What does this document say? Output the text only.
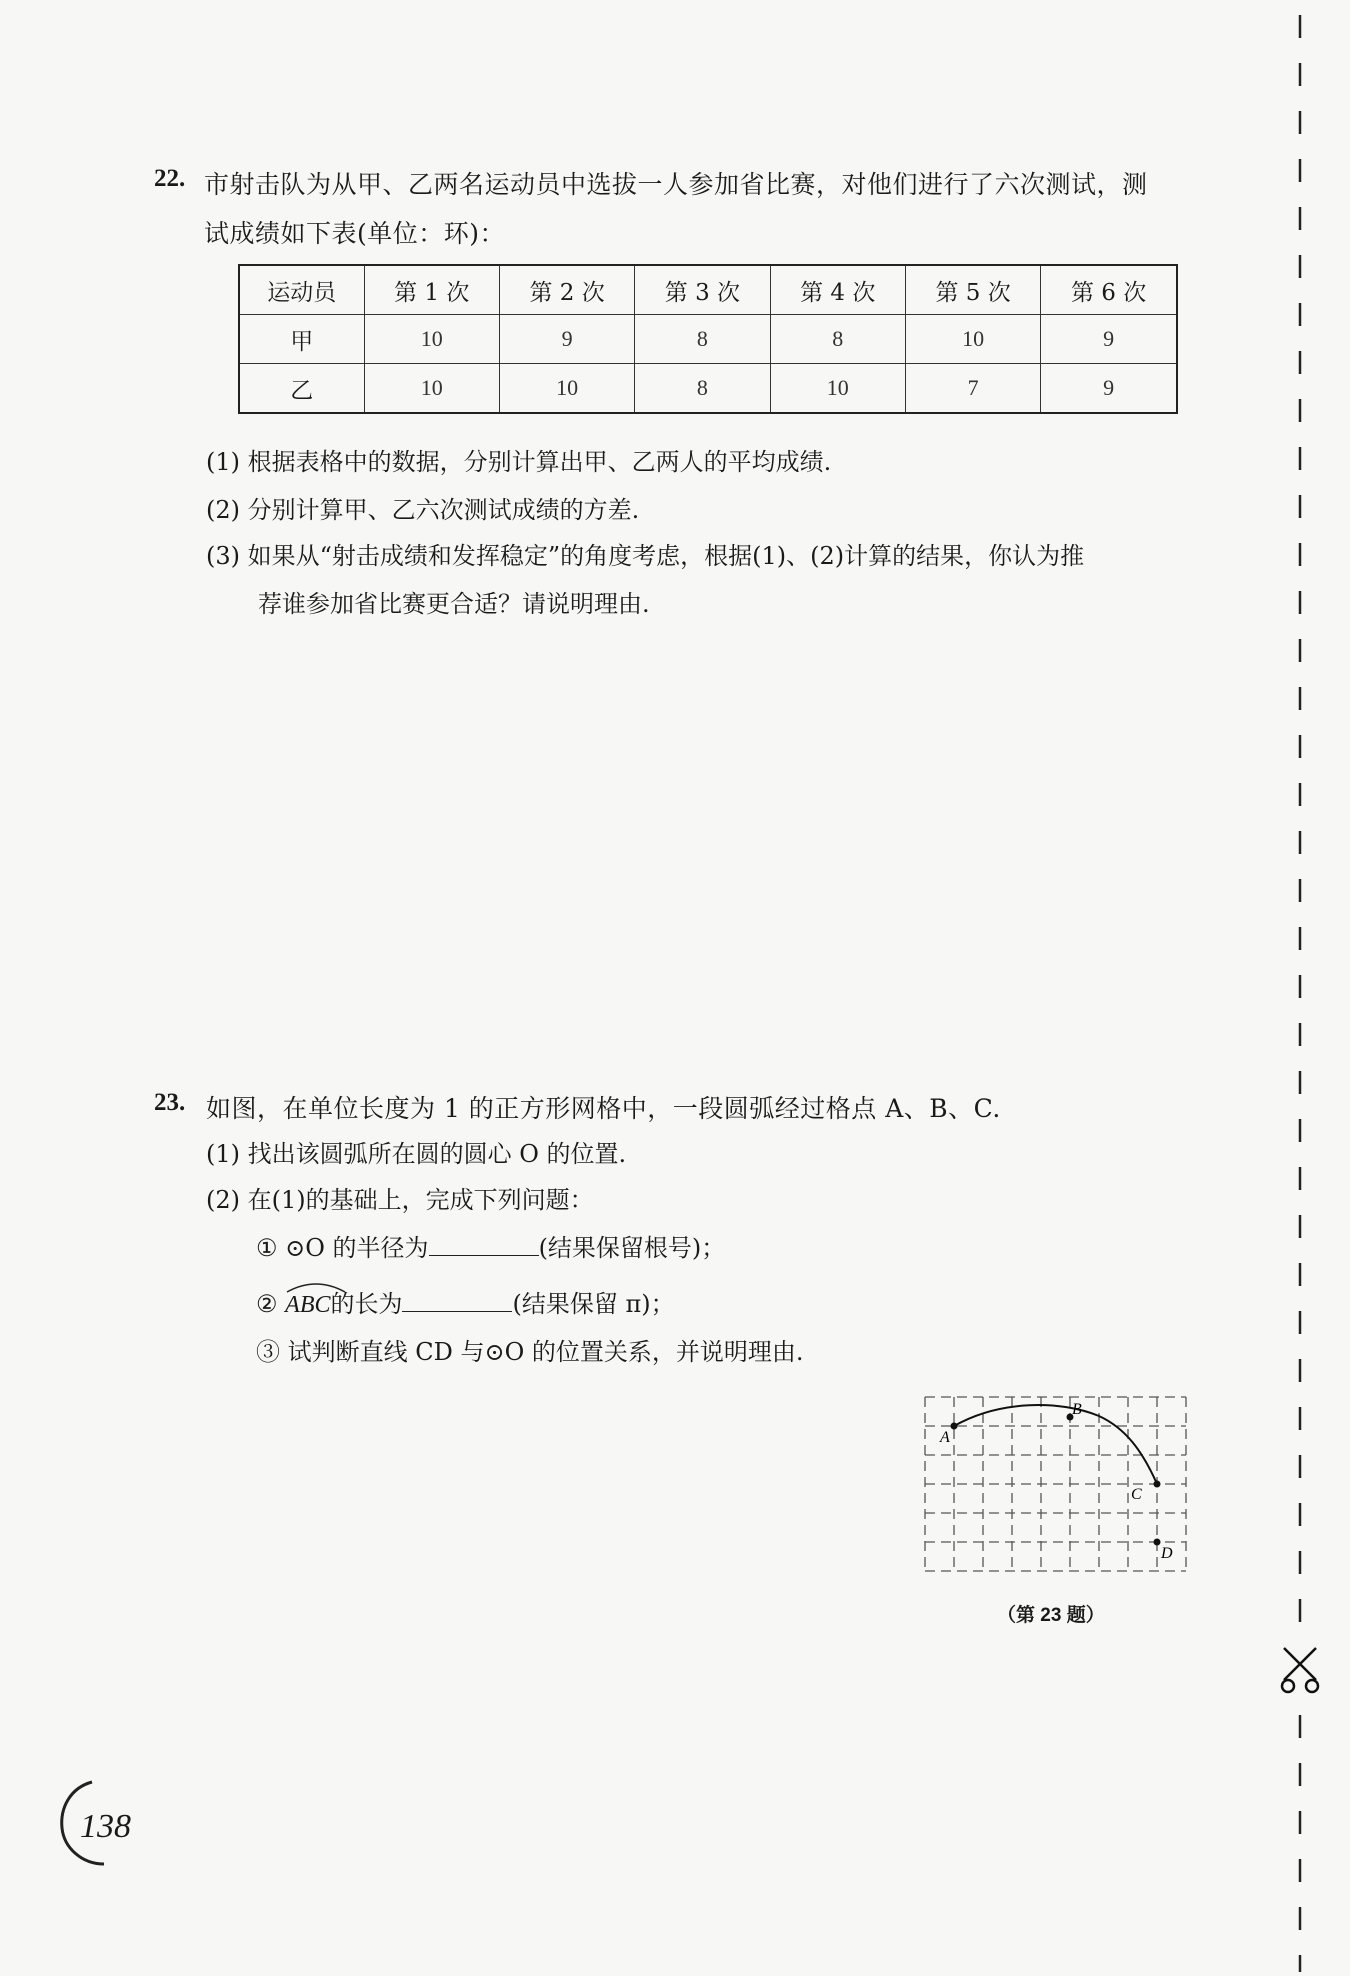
22. 市射击队为从甲、乙两名运动员中选拔一人参加省比赛，对他们进行了六次测试，测
试成绩如下表(单位：环)：
运动员	第 1 次	第 2 次	第 3 次	第 4 次	第 5 次	第 6 次
甲	10	9	8	8	10	9
乙	10	10	8	10	7	9
(1) 根据表格中的数据，分别计算出甲、乙两人的平均成绩.
(2) 分别计算甲、乙六次测试成绩的方差.
(3) 如果从“射击成绩和发挥稳定”的角度考虑，根据(1)、(2)计算的结果，你认为推
荐谁参加省比赛更合适？请说明理由.
23. 如图，在单位长度为 1 的正方形网格中，一段圆弧经过格点 A、B、C.
(1) 找出该圆弧所在圆的圆心 O 的位置.
(2) 在(1)的基础上，完成下列问题：
① ⊙O 的半径为	(结果保留根号)；
② ABC的长为	(结果保留 π)；
③ 试判断直线 CD 与⊙O 的位置关系，并说明理由.
A
B
C
D
（第 23 题）
138
